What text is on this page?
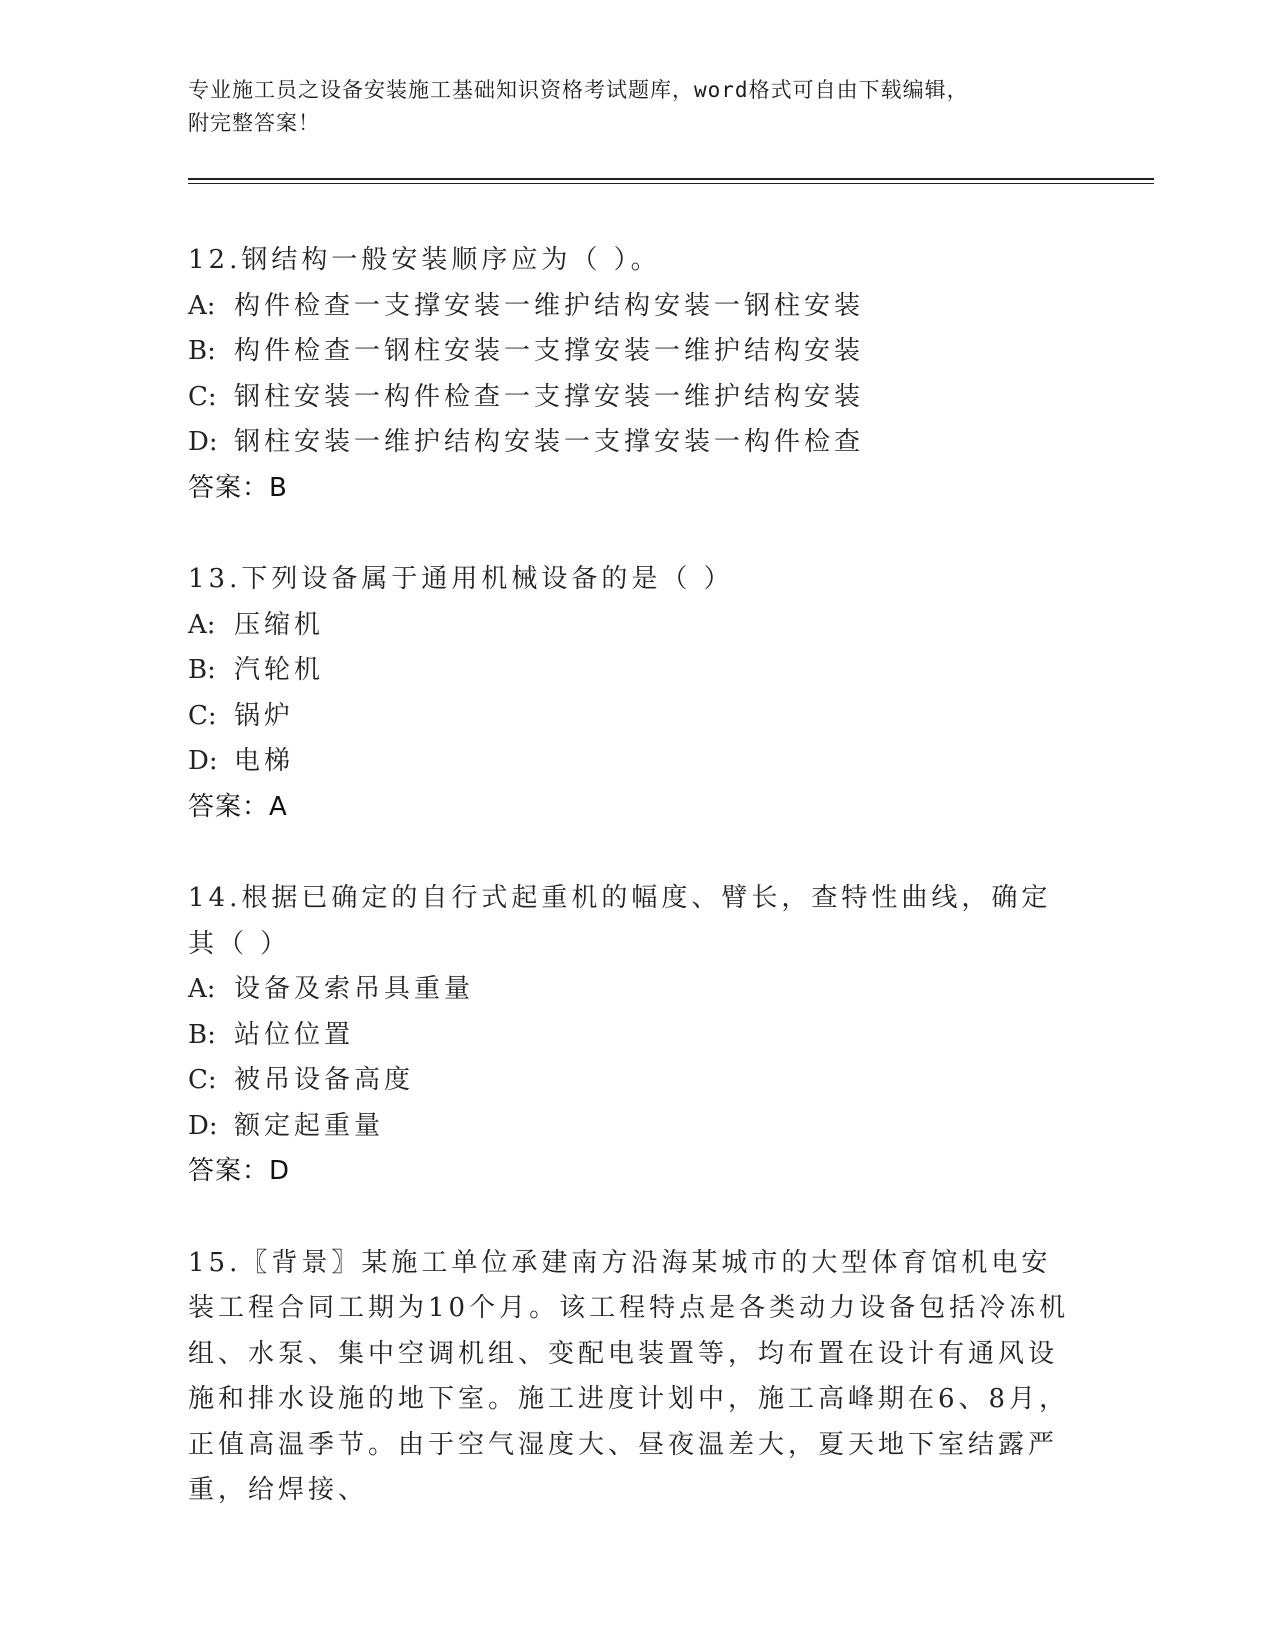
专业施工员之设备安装施工基础知识资格考试题库，word格式可自由下载编辑，
附完整答案！

12.钢结构一般安装顺序应为（ ）。

A: 构件检查一支撑安装一维护结构安装一钢柱安装

B: 构件检查一钢柱安装一支撑安装一维护结构安装

C: 钢柱安装一构件检查一支撑安装一维护结构安装

D: 钢柱安装一维护结构安装一支撑安装一构件检查

答案：B

13.下列设备属于通用机械设备的是（ ）

A: 压缩机

B: 汽轮机

C: 锅炉

D: 电梯

答案：A

14.根据已确定的自行式起重机的幅度、臂长，查特性曲线，确定其（ ）

A: 设备及索吊具重量

B: 站位位置

C: 被吊设备高度

D: 额定起重量

答案：D

15.〖背景〗某施工单位承建南方沿海某城市的大型体育馆机电安装工程合同工期为10个月。该工程特点是各类动力设备包括冷冻机组、水泵、集中空调机组、变配电装置等，均布置在设计有通风设施和排水设施的地下室。施工进度计划中，施工高峰期在6、8月，正值高温季节。由于空气湿度大、昼夜温差大，夏天地下室结露严重，给焊接、
